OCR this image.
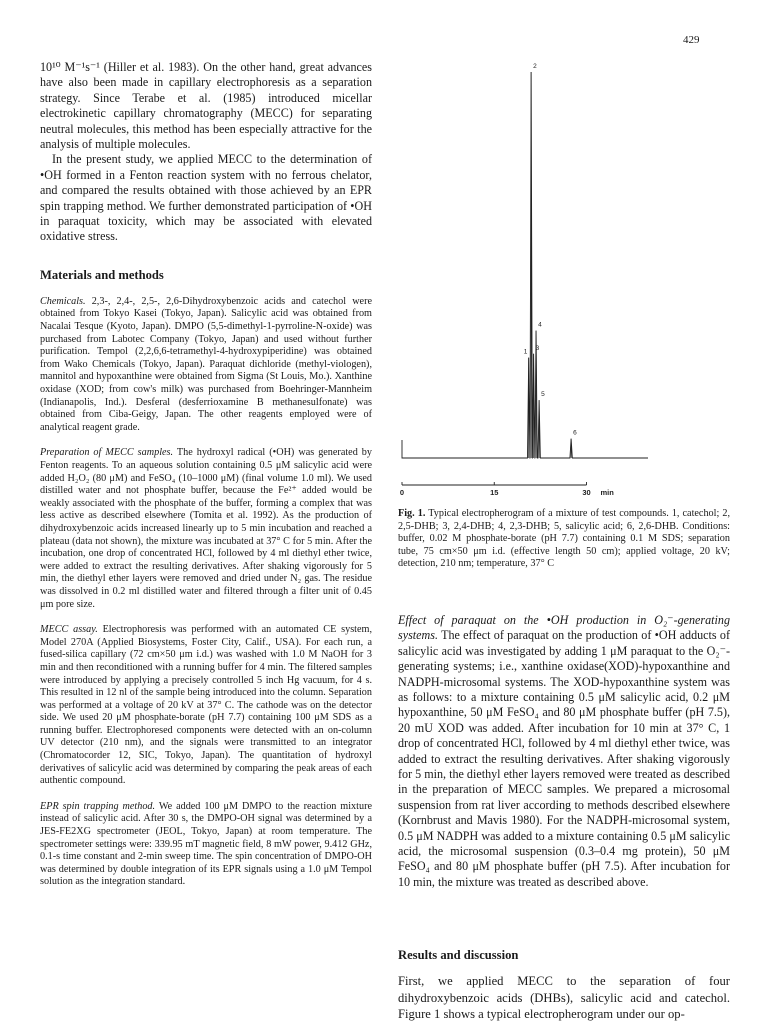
429

10¹⁰ M⁻¹s⁻¹ (Hiller et al. 1983). On the other hand, great advances have also been made in capillary electrophoresis as a separation strategy. Since Terabe et al. (1985) introduced micellar electrokinetic capillary chromatography (MECC) for separating neutral molecules, this method has been especially attractive for the analysis of multiple molecules.

In the present study, we applied MECC to the determination of •OH formed in a Fenton reaction system with no ferrous chelator, and compared the results obtained with those achieved by an EPR spin trapping method. We further demonstrated participation of •OH in paraquat toxicity, which may be associated with elevated oxidative stress.

Materials and methods

Chemicals. 2,3-, 2,4-, 2,5-, 2,6-Dihydroxybenzoic acids and catechol were obtained from Tokyo Kasei (Tokyo, Japan). Salicylic acid was obtained from Nacalai Tesque (Kyoto, Japan). DMPO (5,5-dimethyl-1-pyrroline-N-oxide) was purchased from Labotec Company (Tokyo, Japan) and used without further purification. Tempol (2,2,6,6-tetramethyl-4-hydroxypiperidine) was obtained from Wako Chemicals (Tokyo, Japan). Paraquat dichloride (methyl-viologen), mannitol and hypoxanthine were obtained from Sigma (St Louis, Mo.). Xanthine oxidase (XOD; from cow's milk) was purchased from Boehringer-Mannheim (Indianapolis, Ind.). Desferal (desferrioxamine B methanesulfonate) was obtained from Ciba-Geigy, Japan. The other reagents employed were of analytical reagent grade.

Preparation of MECC samples. The hydroxyl radical (•OH) was generated by Fenton reagents. To an aqueous solution containing 0.5 μM salicylic acid were added H₂O₂ (80 μM) and FeSO₄ (10–1000 μM) (final volume 1.0 ml). We used distilled water and not phosphate buffer, because the Fe²⁺ added would be weakly associated with the phosphate of the buffer, forming a complex that was less active as described elsewhere (Tomita et al. 1992). As the production of dihydroxybenzoic acids increased linearly up to 5 min incubation and reached a plateau (data not shown), the mixture was incubated at 37° C for 5 min. After the incubation, one drop of concentrated HCl, followed by 4 ml diethyl ether twice, were added to extract the resulting derivatives. After shaking vigorously for 5 min, the diethyl ether layers were removed and dried under N₂ gas. The residue was dissolved in 0.2 ml distilled water and filtered through a filter unit of 0.45 μm pore size.

MECC assay. Electrophoresis was performed with an automated CE system, Model 270A (Applied Biosystems, Foster City, Calif., USA). For each run, a fused-silica capillary (72 cm×50 μm i.d.) was washed with 1.0 M NaOH for 3 min and then reconditioned with a running buffer for 4 min. The filtered samples were introduced by applying a precisely controlled 5 inch Hg vacuum, for 4 s. This resulted in 12 nl of the sample being introduced into the column. Separation was performed at a voltage of 20 kV at 37° C. The cathode was on the detector side. We used 20 μM phosphate-borate (pH 7.7) containing 100 μM SDS as a running buffer. Electrophoresed components were detected with an on-column UV detector (210 nm), and the signals were transmitted to an integrator (Chromatocorder 12, SIC, Tokyo, Japan). The quantitation of hydroxyl derivatives of salicylic acid was determined by comparing the peak areas of each authentic compound.

EPR spin trapping method. We added 100 μM DMPO to the reaction mixture instead of salicylic acid. After 30 s, the DMPO-OH signal was determined by a JES-FE2XG spectrometer (JEOL, Tokyo, Japan) at room temperature. The spectrometer settings were: 339.95 mT magnetic field, 8 mW power, 9.412 GHz, 0.1-s time constant and 2-min sweep time. The spin concentration of DMPO-OH was determined by double integration of its EPR signals using a 1.0 μM Tempol solution as the integration standard.

0	15	30 min
1
2
3
4
5
6

Fig. 1. Typical electropherogram of a mixture of test compounds. 1, catechol; 2, 2,5-DHB; 3, 2,4-DHB; 4, 2,3-DHB; 5, salicylic acid; 6, 2,6-DHB. Conditions: buffer, 0.02 M phosphate-borate (pH 7.7) containing 0.1 M SDS; separation tube, 75 cm×50 μm i.d. (effective length 50 cm); applied voltage, 20 kV; detection, 210 nm; temperature, 37° C

Effect of paraquat on the •OH production in O₂⁻-generating systems. The effect of paraquat on the production of •OH adducts of salicylic acid was investigated by adding 1 μM paraquat to the O₂⁻-generating systems; i.e., xanthine oxidase(XOD)-hypoxanthine and NADPH-microsomal systems. The XOD-hypoxanthine system was as follows: to a mixture containing 0.5 μM salicylic acid, 0.2 μM hypoxanthine, 50 μM FeSO₄ and 80 μM phosphate buffer (pH 7.5), 20 mU XOD was added. After incubation for 10 min at 37° C, 1 drop of concentrated HCl, followed by 4 ml diethyl ether twice, was added to extract the resulting derivatives. After shaking vigorously for 5 min, the diethyl ether layers removed were treated as described in the preparation of MECC samples. We prepared a microsomal suspension from rat liver according to methods described elsewhere (Kornbrust and Mavis 1980). For the NADPH-microsomal system, 0.5 μM NADPH was added to a mixture containing 0.5 μM salicylic acid, the microsomal suspension (0.3–0.4 mg protein), 50 μM FeSO₄ and 80 μM phosphate buffer (pH 7.5). After incubation for 10 min, the mixture was treated as described above.

Results and discussion

First, we applied MECC to the separation of four dihydroxybenzoic acids (DHBs), salicylic acid and catechol. Figure 1 shows a typical electropherogram under our op-
